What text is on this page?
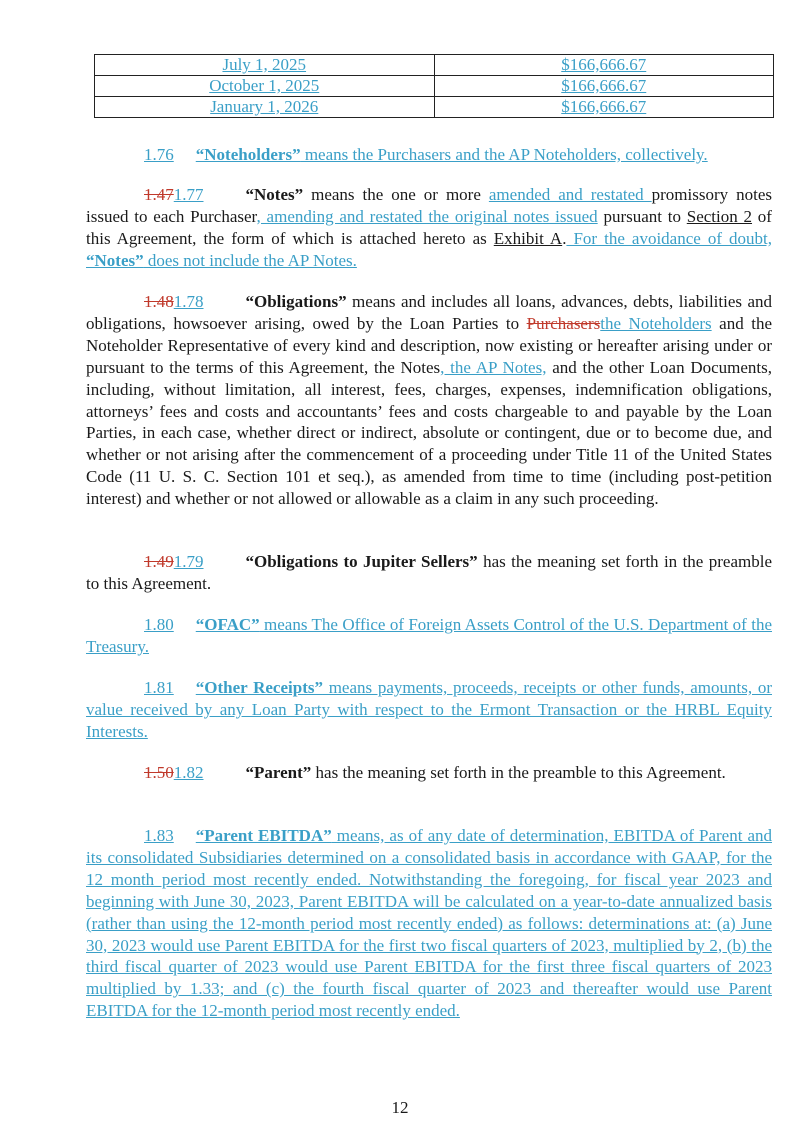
July 1, 2025	$166,666.67
October 1, 2025	$166,666.67
January 1, 2026	$166,666.67

1.76 “Noteholders” means the Purchasers and the AP Noteholders, collectively.

1.471.77 “Notes” means the one or more amended and restated promissory notes issued to each Purchaser, amending and restated the original notes issued pursuant to Section 2 of this Agreement, the form of which is attached hereto as Exhibit A. For the avoidance of doubt, “Notes” does not include the AP Notes.

1.481.78 “Obligations” means and includes all loans, advances, debts, liabilities and obligations, howsoever arising, owed by the Loan Parties to Purchasersthe Noteholders and the Noteholder Representative of every kind and description, now existing or hereafter arising under or pursuant to the terms of this Agreement, the Notes, the AP Notes, and the other Loan Documents, including, without limitation, all interest, fees, charges, expenses, indemnification obligations, attorneys’ fees and costs and accountants’ fees and costs chargeable to and payable by the Loan Parties, in each case, whether direct or indirect, absolute or contingent, due or to become due, and whether or not arising after the commencement of a proceeding under Title 11 of the United States Code (11 U. S. C. Section 101 et seq.), as amended from time to time (including post-petition interest) and whether or not allowed or allowable as a claim in any such proceeding.

1.491.79 “Obligations to Jupiter Sellers” has the meaning set forth in the preamble to this Agreement.

1.80 “OFAC” means The Office of Foreign Assets Control of the U.S. Department of the Treasury.

1.81 “Other Receipts” means payments, proceeds, receipts or other funds, amounts, or value received by any Loan Party with respect to the Ermont Transaction or the HRBL Equity Interests.

1.501.82 “Parent” has the meaning set forth in the preamble to this Agreement.

1.83 “Parent EBITDA” means, as of any date of determination, EBITDA of Parent and its consolidated Subsidiaries determined on a consolidated basis in accordance with GAAP, for the 12 month period most recently ended. Notwithstanding the foregoing, for fiscal year 2023 and beginning with June 30, 2023, Parent EBITDA will be calculated on a year-to-date annualized basis (rather than using the 12-month period most recently ended) as follows: determinations at: (a) June 30, 2023 would use Parent EBITDA for the first two fiscal quarters of 2023, multiplied by 2, (b) the third fiscal quarter of 2023 would use Parent EBITDA for the first three fiscal quarters of 2023 multiplied by 1.33; and (c) the fourth fiscal quarter of 2023 and thereafter would use Parent EBITDA for the 12-month period most recently ended.

12
